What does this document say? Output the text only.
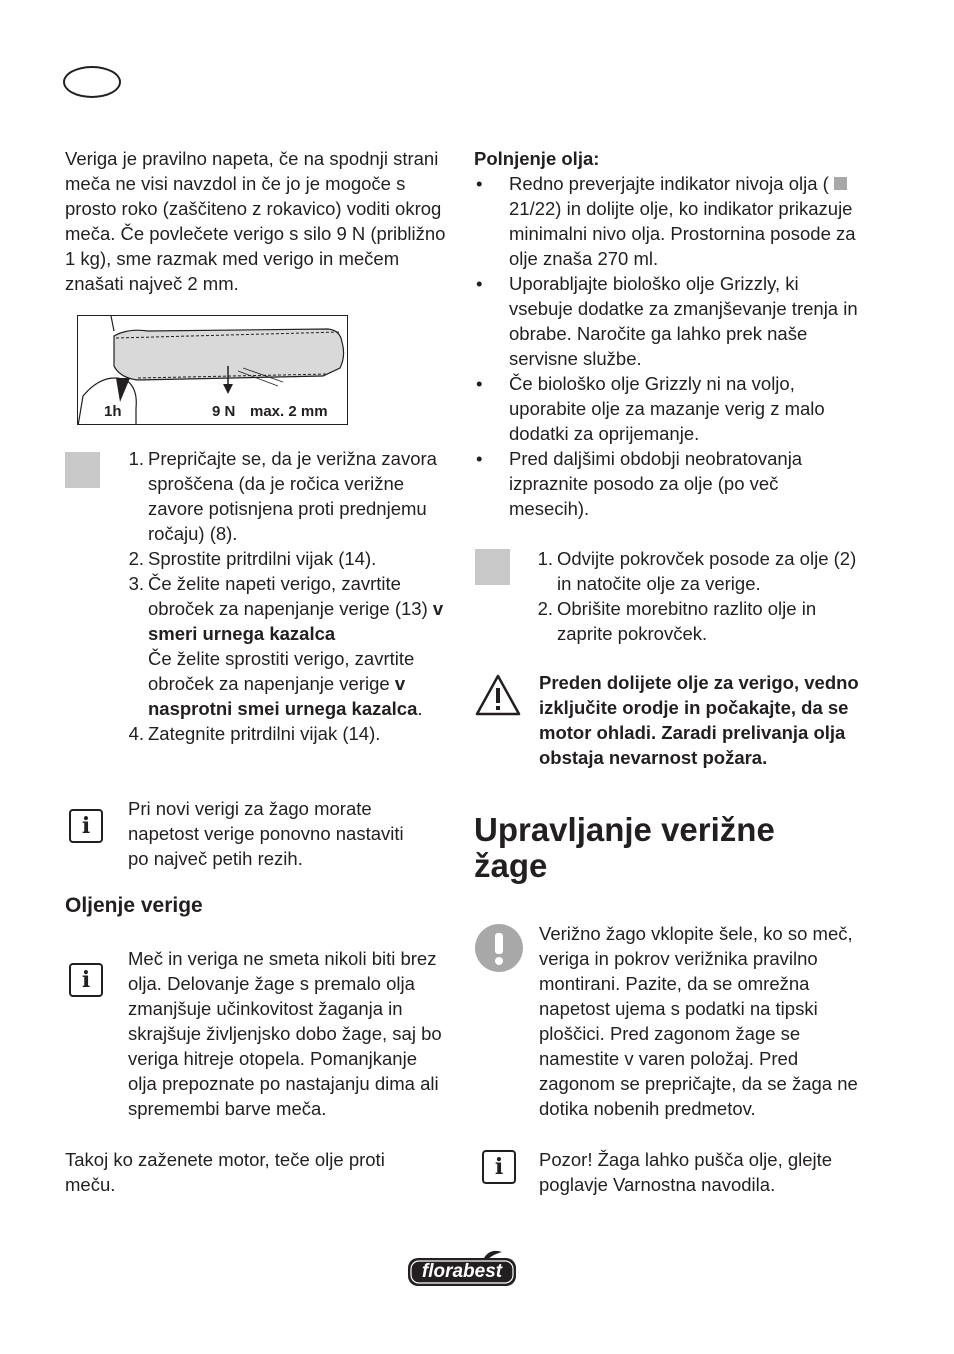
Veriga je pravilno napeta, če na spodnji strani meča ne visi navzdol in če jo je mogoče s prosto roko (zaščiteno z rokavico) voditi okrog meča. Če povlečete verigo s silo 9 N (približno 1 kg), sme razmak med verigo in mečem znašati največ 2 mm.

1h	9 N max. 2 mm
1. Prepričajte se, da je verižna zavora sproščena (da je ročica verižne zavore potisnjena proti prednjemu ročaju) (8).
2. Sprostite pritrdilni vijak (14).
3. Če želite napeti verigo, zavrtite obroček za napenjanje verige (13) v smeri urnega kazalca
Če želite sprostiti verigo, zavrtite obroček za napenjanje verige v nasprotni smei urnega kazalca.
4. Zategnite pritrdilni vijak (14).
i

Pri novi verigi za žago morate napetost verige ponovno nastaviti po največ petih rezih.

Oljenje verige
i

Meč in veriga ne smeta nikoli biti brez olja. Delovanje žage s premalo olja zmanjšuje učinkovitost žaganja in skrajšuje življenjsko dobo žage, saj bo veriga hitreje otopela. Pomanjkanje olja prepoznate po nastajanju dima ali spremembi barve meča.

Takoj ko zaženete motor, teče olje proti meču.

Polnjenje olja:

• Redno preverjajte indikator nivoja olja ( 21/22) in dolijte olje, ko indikator prikazuje minimalni nivo olja. Prostornina posode za olje znaša 270 ml.
• Uporabljajte biološko olje Grizzly, ki vsebuje dodatke za zmanjševanje trenja in obrabe. Naročite ga lahko prek naše servisne službe.
• Če biološko olje Grizzly ni na voljo, uporabite olje za mazanje verig z malo dodatki za oprijemanje.
• Pred daljšimi obdobji neobratovanja izpraznite posodo za olje (po več mesecih).
1. Odvijte pokrovček posode za olje (2) in natočite olje za verige.
2. Obrišite morebitno razlito olje in zaprite pokrovček.

Preden dolijete olje za verigo, vedno izključite orodje in počakajte, da se motor ohladi. Zaradi prelivanja olja obstaja nevarnost požara.

Upravljanje verižne
žage

Verižno žago vklopite šele, ko so meč, veriga in pokrov verižnika pravilno montirani. Pazite, da se omrežna napetost ujema s podatki na tipski ploščici. Pred zagonom žage se namestite v varen položaj. Pred zagonom se prepričajte, da se žaga ne dotika nobenih predmetov.

i	Pozor! Žaga lahko pušča olje, glejte poglavje Varnostna navodila.

florabest
